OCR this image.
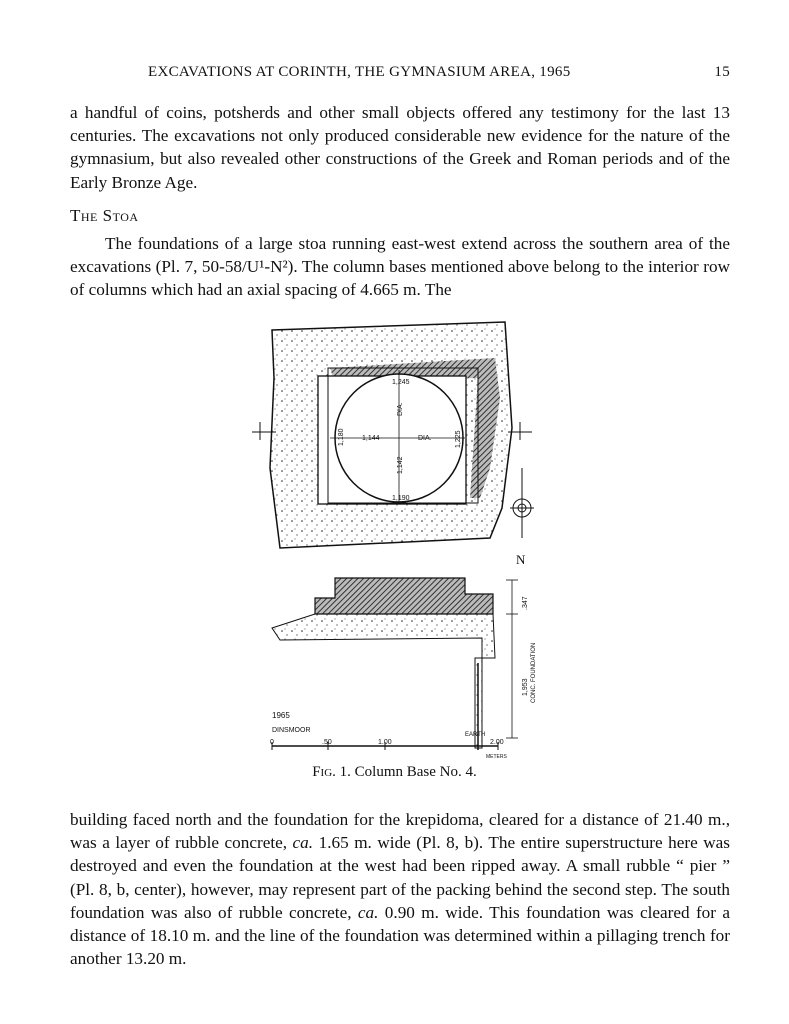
EXCAVATIONS AT CORINTH, THE GYMNASIUM AREA, 1965	15

a handful of coins, potsherds and other small objects offered any testimony for the last 13 centuries. The excavations not only produced considerable new evidence for the nature of the gymnasium, but also revealed other constructions of the Greek and Roman periods and of the Early Bronze Age.

The Stoa

The foundations of a large stoa running east-west extend across the southern area of the excavations (Pl. 7, 50-58/U¹-N²). The column bases mentioned above belong to the interior row of columns which had an axial spacing of 4.665 m. The

1,245
DIA.
1,180 1,144	DIA.	1,225
1,142
1,190
N
.347
1,953 CONC. FOUNDATION
EARTH
1965
DINSMOOR
0	.50	1.00	2.00
METERS
Fig. 1. Column Base No. 4.

building faced north and the foundation for the krepidoma, cleared for a distance of 21.40 m., was a layer of rubble concrete, ca. 1.65 m. wide (Pl. 8, b). The entire superstructure here was destroyed and even the foundation at the west had been ripped away. A small rubble “ pier ” (Pl. 8, b, center), however, may represent part of the packing behind the second step. The south foundation was also of rubble concrete, ca. 0.90 m. wide. This foundation was cleared for a distance of 18.10 m. and the line of the foundation was determined within a pillaging trench for another 13.20 m.
